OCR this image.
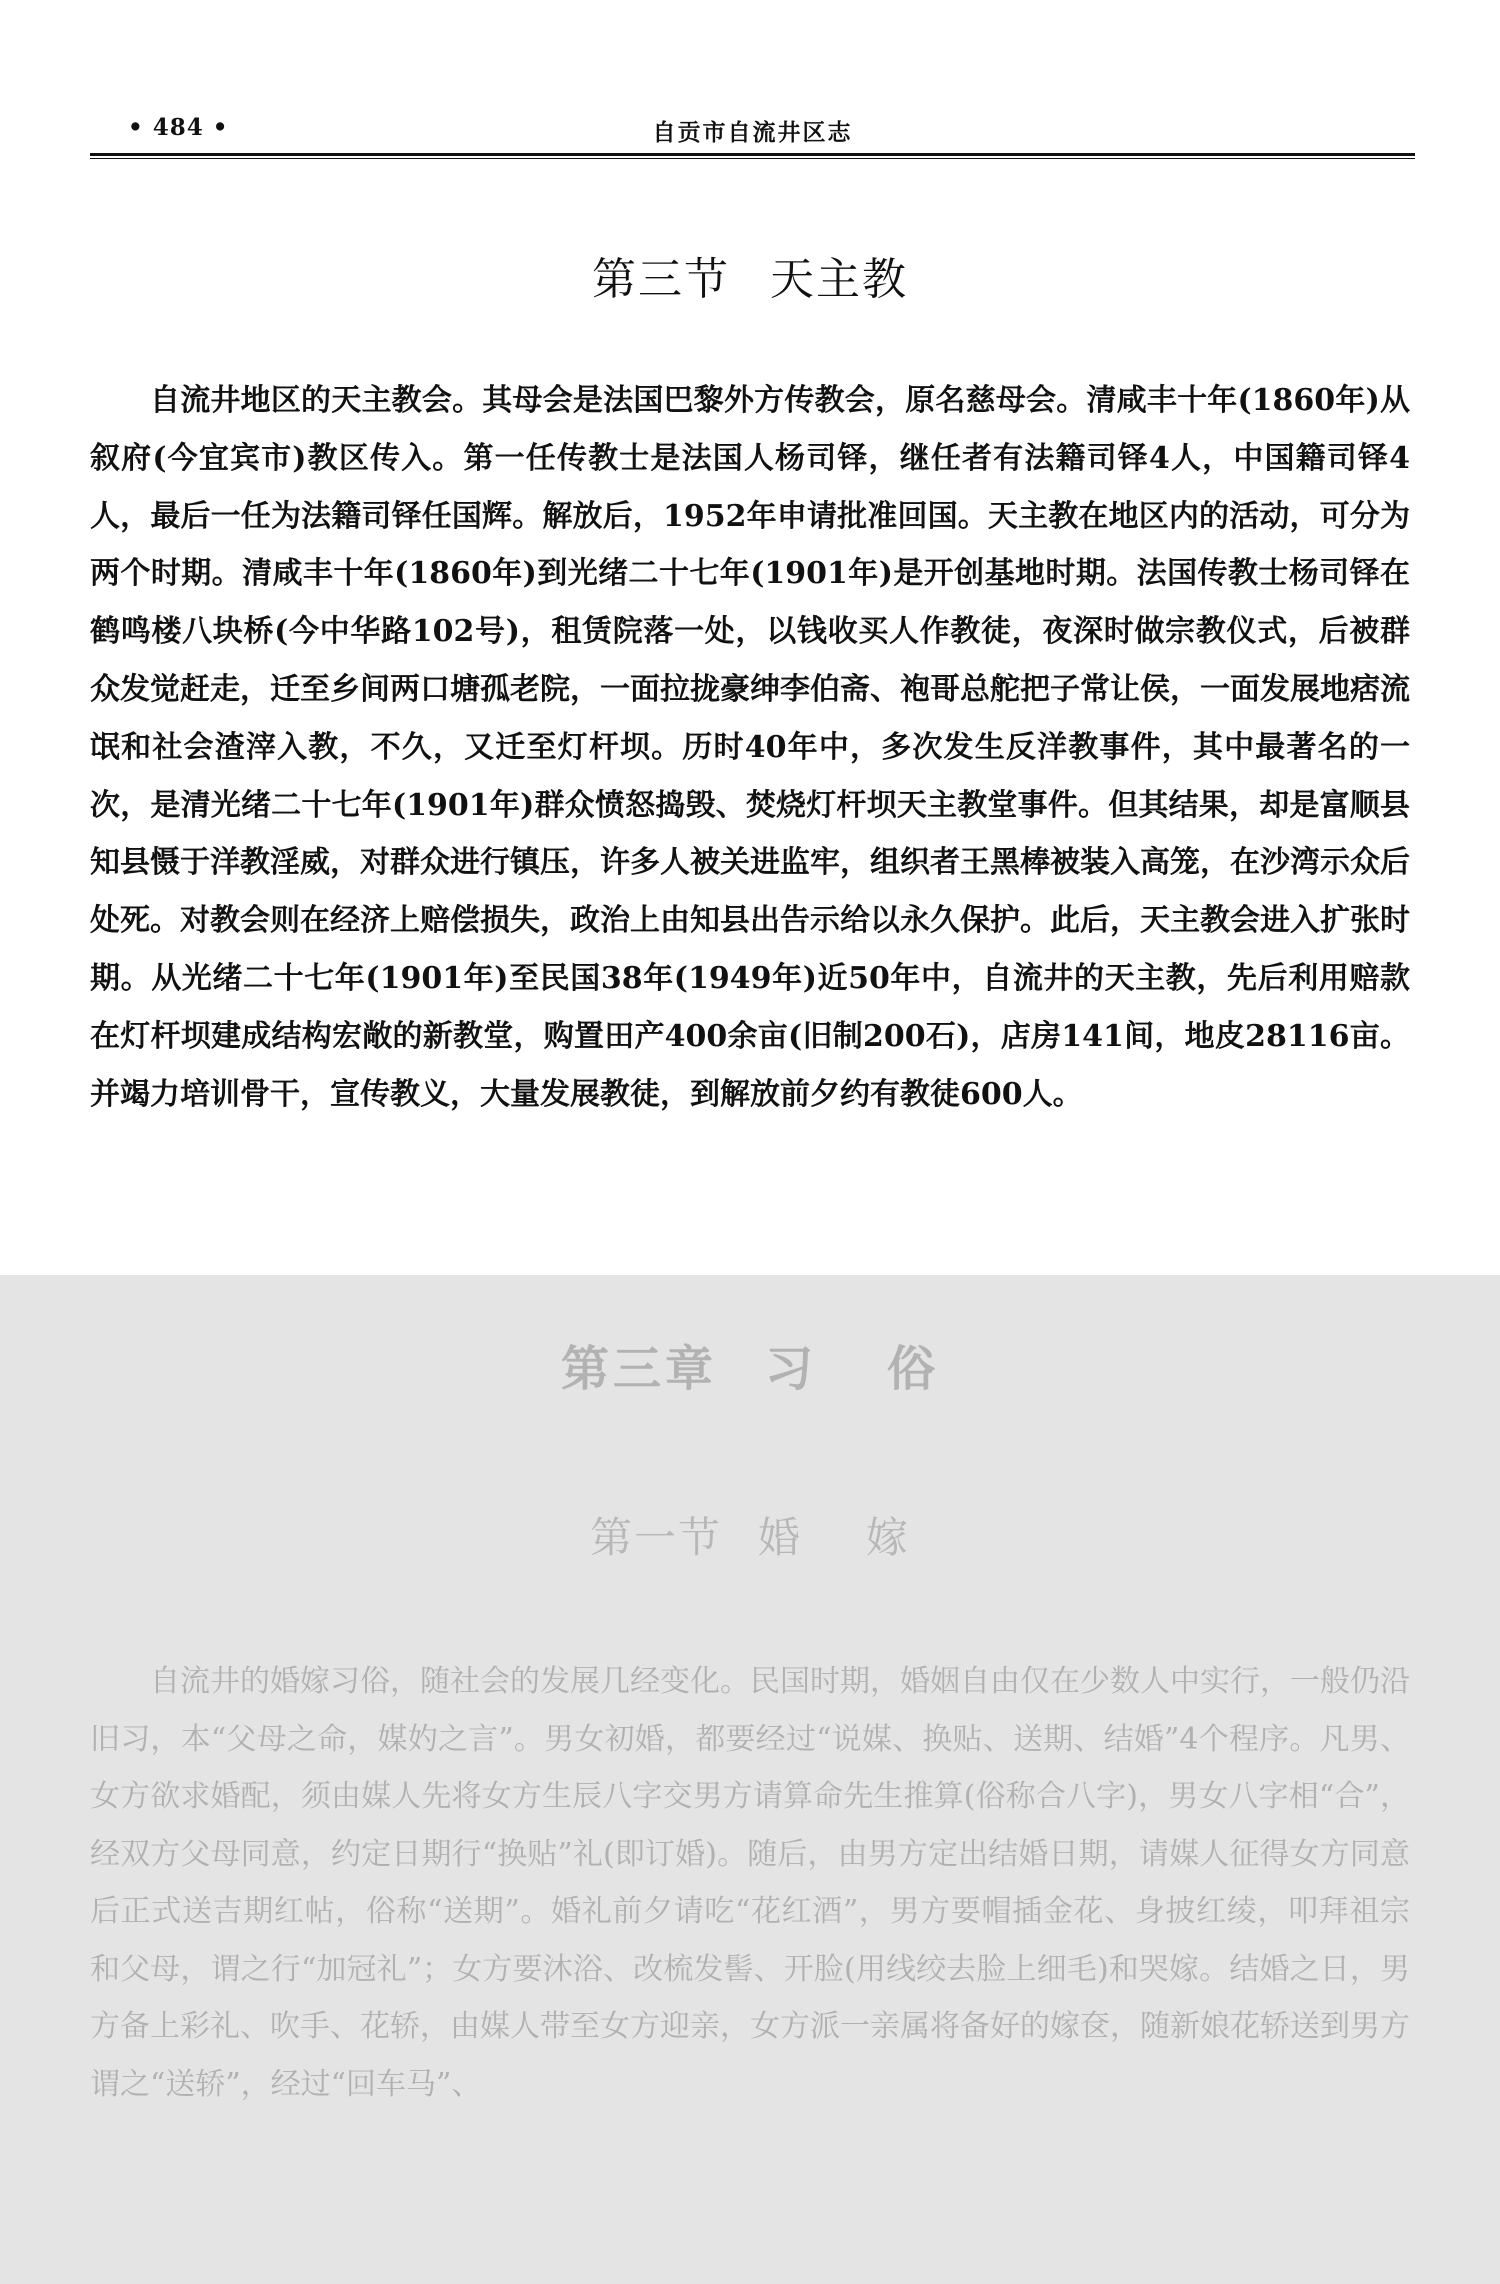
• 484 •	自贡市自流井区志
第三节 天主教
自流井地区的天主教会。其母会是法国巴黎外方传教会，原名慈母会。清咸丰十年(1860年)从叙府(今宜宾市)教区传入。第一任传教士是法国人杨司铎，继任者有法籍司铎4人，中国籍司铎4人，最后一任为法籍司铎任国辉。解放后，1952年申请批准回国。天主教在地区内的活动，可分为两个时期。清咸丰十年(1860年)到光绪二十七年(1901年)是开创基地时期。法国传教士杨司铎在鹤鸣楼八块桥(今中华路102号)，租赁院落一处，以钱收买人作教徒，夜深时做宗教仪式，后被群众发觉赶走，迁至乡间两口塘孤老院，一面拉拢豪绅李伯斋、袍哥总舵把子常让侯，一面发展地痞流氓和社会渣滓入教，不久，又迁至灯杆坝。历时40年中，多次发生反洋教事件，其中最著名的一次，是清光绪二十七年(1901年)群众愤怒捣毁、焚烧灯杆坝天主教堂事件。但其结果，却是富顺县知县慑于洋教淫威，对群众进行镇压，许多人被关进监牢，组织者王黑棒被装入高笼，在沙湾示众后处死。对教会则在经济上赔偿损失，政治上由知县出告示给以永久保护。此后，天主教会进入扩张时期。从光绪二十七年(1901年)至民国38年(1949年)近50年中，自流井的天主教，先后利用赔款在灯杆坝建成结构宏敞的新教堂，购置田产400余亩(旧制200石)，店房141间，地皮28116亩。并竭力培训骨干，宣传教义，大量发展教徒，到解放前夕约有教徒600人。
第三章 习 俗
第一节 婚 嫁
自流井的婚嫁习俗，随社会的发展几经变化。民国时期，婚姻自由仅在少数人中实行，一般仍沿旧习，本“父母之命，媒妁之言”。男女初婚，都要经过“说媒、换贴、送期、结婚”4个程序。凡男、女方欲求婚配，须由媒人先将女方生辰八字交男方请算命先生推算(俗称合八字)，男女八字相“合”，经双方父母同意，约定日期行“换贴”礼(即订婚)。随后，由男方定出结婚日期，请媒人征得女方同意后正式送吉期红帖，俗称“送期”。婚礼前夕请吃“花红酒”，男方要帽插金花、身披红绫，叩拜祖宗和父母，谓之行“加冠礼”；女方要沐浴、改梳发髻、开脸(用线绞去脸上细毛)和哭嫁。结婚之日，男方备上彩礼、吹手、花轿，由媒人带至女方迎亲，女方派一亲属将备好的嫁奁，随新娘花轿送到男方谓之“送轿”，经过“回车马”、
